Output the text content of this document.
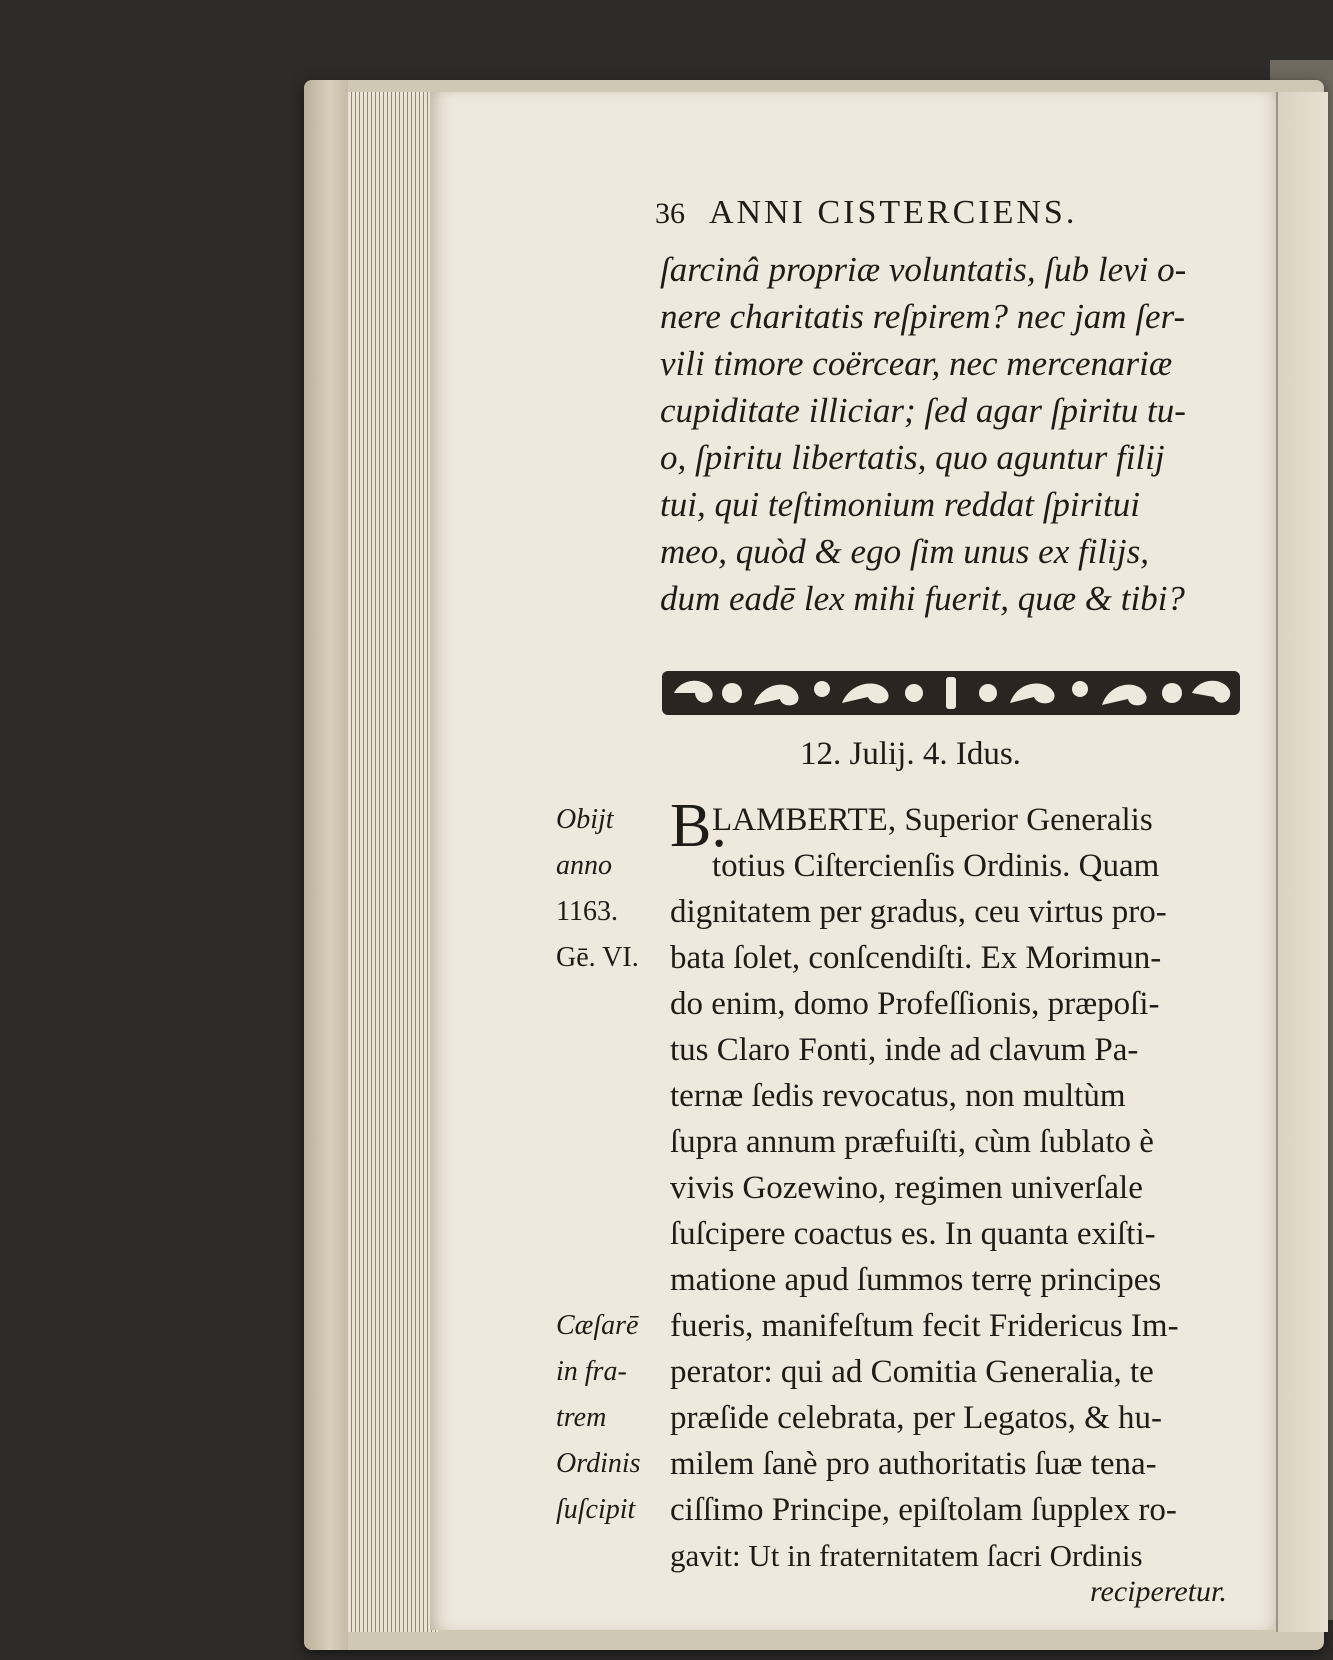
36 ANNI CISTERCIENS.
ſarcinâ propriæ voluntatis, ſub levi o-
nere charitatis reſpirem? nec jam ſer-
vili timore coërcear, nec mercenariæ
cupiditate illiciar; ſed agar ſpiritu tu-
o, ſpiritu libertatis, quo aguntur filij
tui, qui teſtimonium reddat ſpiritui
meo, quòd & ego ſim unus ex filijs,
dum eadē lex mihi fuerit, quæ & tibi?
12. Julij. 4. Idus.
B.
LAMBERTE, Superior Generalis
totius Ciſtercienſis Ordinis. Quam
dignitatem per gradus, ceu virtus pro-
bata ſolet, conſcendiſti. Ex Morimun-
do enim, domo Profeſſionis, præpoſi-
tus Claro Fonti, inde ad clavum Pa-
ternæ ſedis revocatus, non multùm
ſupra annum præfuiſti, cùm ſublato è
vivis Gozewino, regimen univerſale
ſuſcipere coactus es. In quanta exiſti-
matione apud ſummos terrę principes
fueris, manifeſtum fecit Fridericus Im-
perator: qui ad Comitia Generalia, te
præſide celebrata, per Legatos, & hu-
milem ſanè pro authoritatis ſuæ tena-
ciſſimo Principe, epiſtolam ſupplex ro-
gavit: Ut in fraternitatem ſacri Ordinis
reciperetur.
Obijt
anno
1163.
Gē. VI.
Cæſarē
in fra-
trem
Ordinis
ſuſcipit
